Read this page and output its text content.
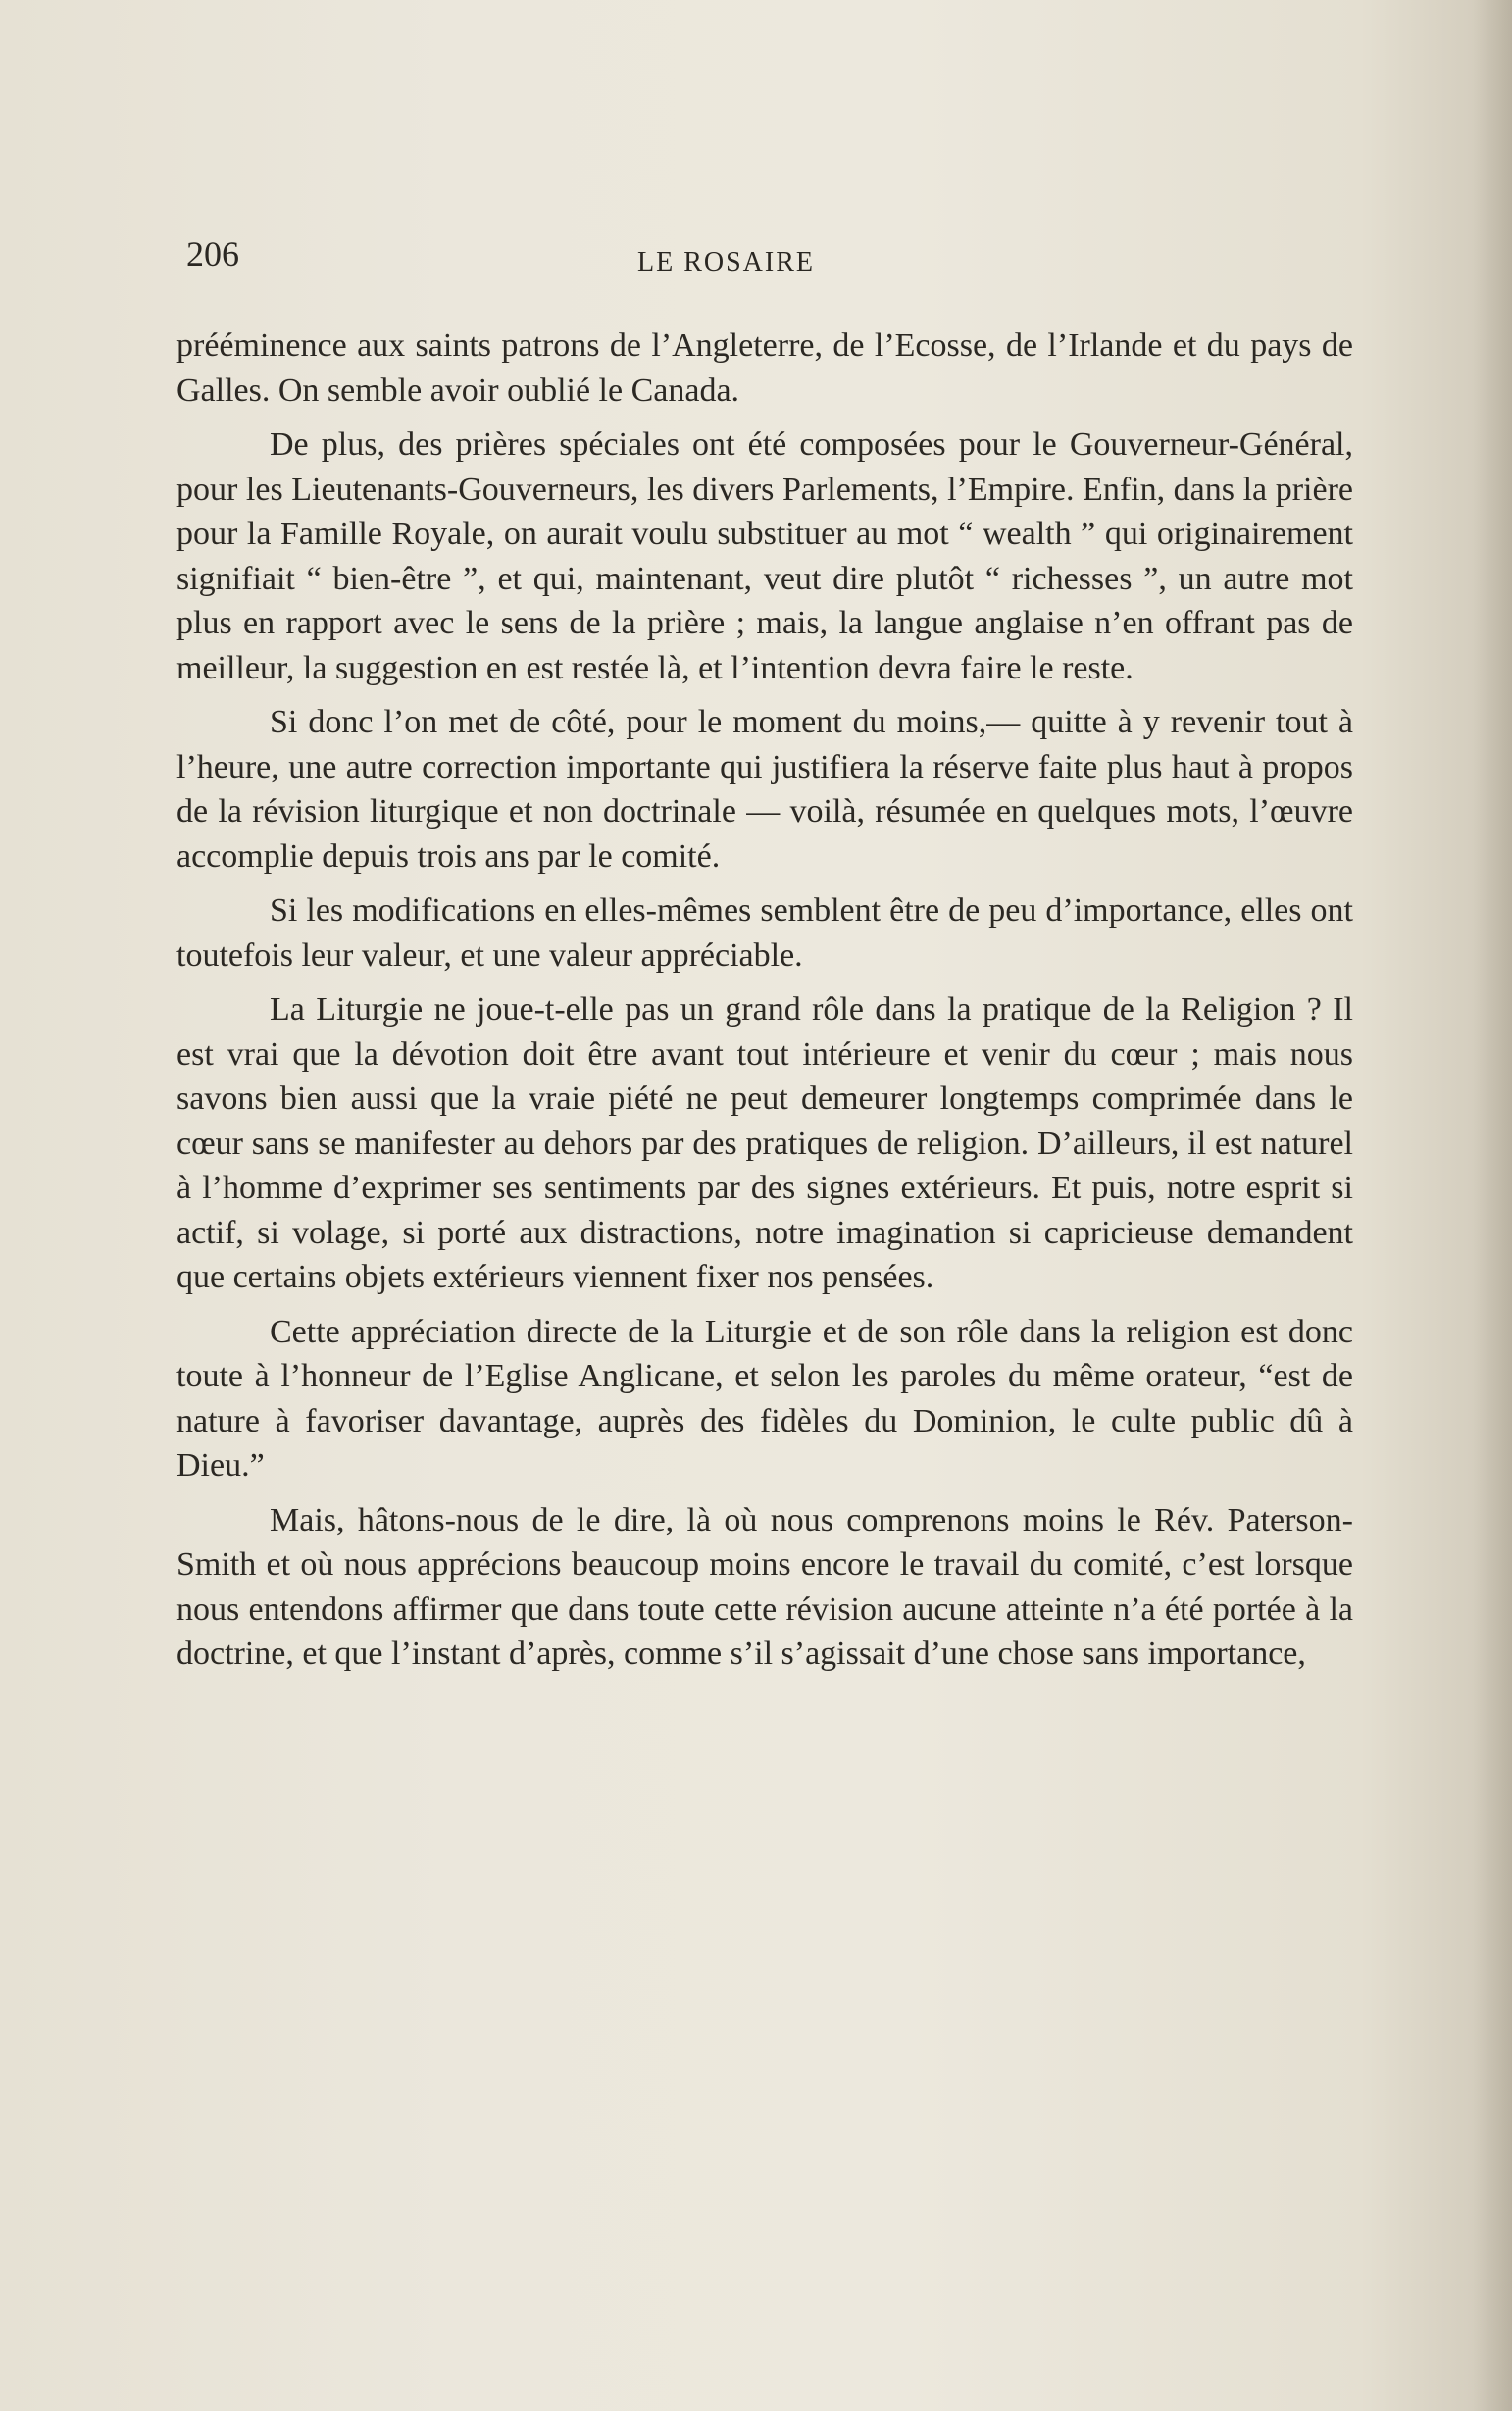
206	LE ROSAIRE

prééminence aux saints patrons de l’Angleterre, de l’Ecosse, de l’Irlande et du pays de Galles. On semble avoir oublié le Canada.

De plus, des prières spéciales ont été composées pour le Gouverneur-Général, pour les Lieutenants-Gouverneurs, les divers Parlements, l’Empire. Enfin, dans la prière pour la Famille Royale, on aurait voulu substituer au mot “ wealth ” qui originairement signifiait “ bien-être ”, et qui, maintenant, veut dire plutôt “ richesses ”, un autre mot plus en rapport avec le sens de la prière ; mais, la langue anglaise n’en offrant pas de meilleur, la suggestion en est restée là, et l’intention devra faire le reste.

Si donc l’on met de côté, pour le moment du moins,— quitte à y revenir tout à l’heure, une autre correction importante qui justifiera la réserve faite plus haut à propos de la révision liturgique et non doctrinale — voilà, résumée en quelques mots, l’œuvre accomplie depuis trois ans par le comité.

Si les modifications en elles-mêmes semblent être de peu d’importance, elles ont toutefois leur valeur, et une valeur appréciable.

La Liturgie ne joue-t-elle pas un grand rôle dans la pratique de la Religion ? Il est vrai que la dévotion doit être avant tout intérieure et venir du cœur ; mais nous savons bien aussi que la vraie piété ne peut demeurer longtemps comprimée dans le cœur sans se manifester au dehors par des pratiques de religion. D’ailleurs, il est naturel à l’homme d’exprimer ses sentiments par des signes extérieurs. Et puis, notre esprit si actif, si volage, si porté aux distractions, notre imagination si capricieuse demandent que certains objets extérieurs viennent fixer nos pensées.

Cette appréciation directe de la Liturgie et de son rôle dans la religion est donc toute à l’honneur de l’Eglise Anglicane, et selon les paroles du même orateur, “est de nature à favoriser davantage, auprès des fidèles du Dominion, le culte public dû à Dieu.”

Mais, hâtons-nous de le dire, là où nous comprenons moins le Rév. Paterson-Smith et où nous apprécions beaucoup moins encore le travail du comité, c’est lorsque nous entendons affirmer que dans toute cette révision aucune atteinte n’a été portée à la doctrine, et que l’instant d’après, comme s’il s’agissait d’une chose sans importance,
